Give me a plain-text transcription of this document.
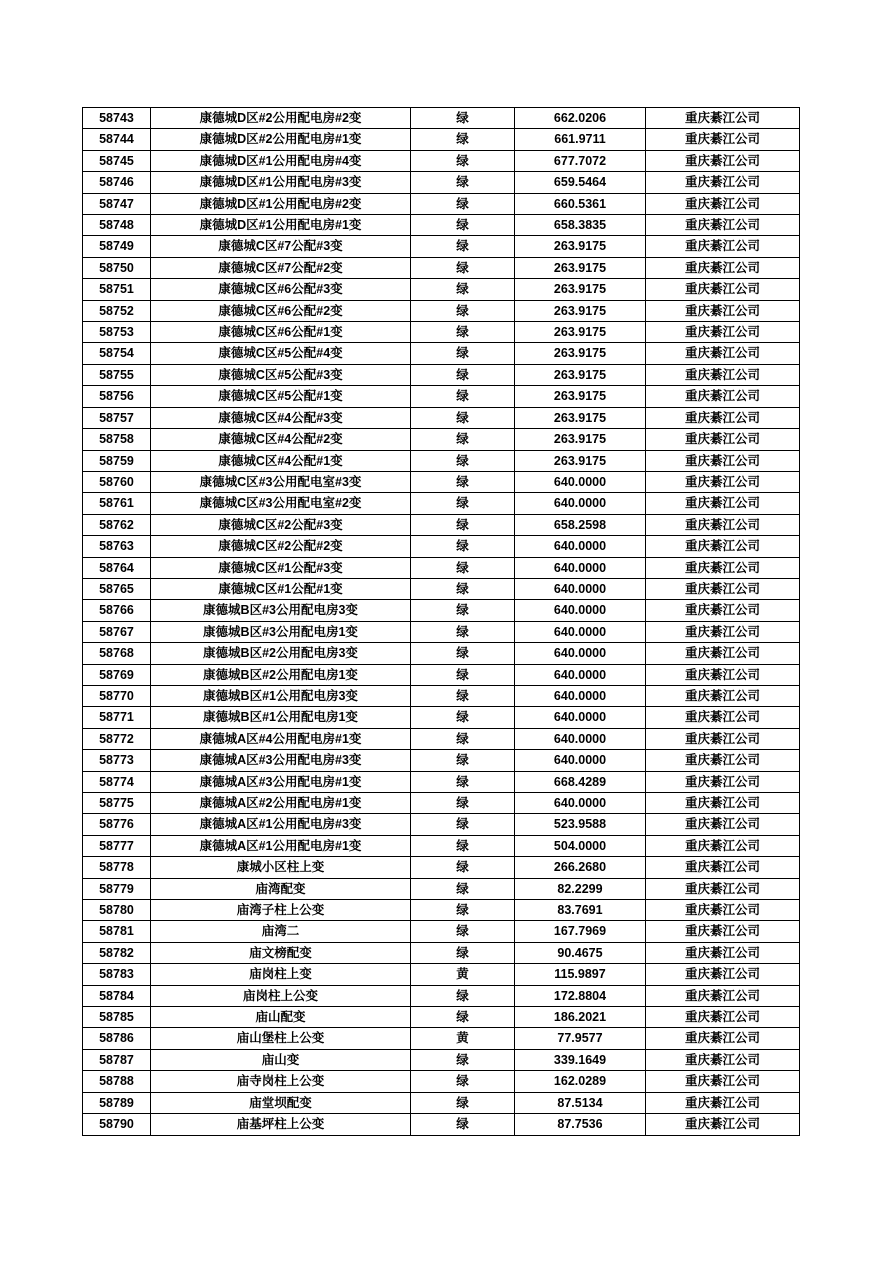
58743	康德城D区#2公用配电房#2变	绿	662.0206	重庆綦江公司
58744	康德城D区#2公用配电房#1变	绿	661.9711	重庆綦江公司
58745	康德城D区#1公用配电房#4变	绿	677.7072	重庆綦江公司
58746	康德城D区#1公用配电房#3变	绿	659.5464	重庆綦江公司
58747	康德城D区#1公用配电房#2变	绿	660.5361	重庆綦江公司
58748	康德城D区#1公用配电房#1变	绿	658.3835	重庆綦江公司
58749	康德城C区#7公配#3变	绿	263.9175	重庆綦江公司
58750	康德城C区#7公配#2变	绿	263.9175	重庆綦江公司
58751	康德城C区#6公配#3变	绿	263.9175	重庆綦江公司
58752	康德城C区#6公配#2变	绿	263.9175	重庆綦江公司
58753	康德城C区#6公配#1变	绿	263.9175	重庆綦江公司
58754	康德城C区#5公配#4变	绿	263.9175	重庆綦江公司
58755	康德城C区#5公配#3变	绿	263.9175	重庆綦江公司
58756	康德城C区#5公配#1变	绿	263.9175	重庆綦江公司
58757	康德城C区#4公配#3变	绿	263.9175	重庆綦江公司
58758	康德城C区#4公配#2变	绿	263.9175	重庆綦江公司
58759	康德城C区#4公配#1变	绿	263.9175	重庆綦江公司
58760	康德城C区#3公用配电室#3变	绿	640.0000	重庆綦江公司
58761	康德城C区#3公用配电室#2变	绿	640.0000	重庆綦江公司
58762	康德城C区#2公配#3变	绿	658.2598	重庆綦江公司
58763	康德城C区#2公配#2变	绿	640.0000	重庆綦江公司
58764	康德城C区#1公配#3变	绿	640.0000	重庆綦江公司
58765	康德城C区#1公配#1变	绿	640.0000	重庆綦江公司
58766	康德城B区#3公用配电房3变	绿	640.0000	重庆綦江公司
58767	康德城B区#3公用配电房1变	绿	640.0000	重庆綦江公司
58768	康德城B区#2公用配电房3变	绿	640.0000	重庆綦江公司
58769	康德城B区#2公用配电房1变	绿	640.0000	重庆綦江公司
58770	康德城B区#1公用配电房3变	绿	640.0000	重庆綦江公司
58771	康德城B区#1公用配电房1变	绿	640.0000	重庆綦江公司
58772	康德城A区#4公用配电房#1变	绿	640.0000	重庆綦江公司
58773	康德城A区#3公用配电房#3变	绿	640.0000	重庆綦江公司
58774	康德城A区#3公用配电房#1变	绿	668.4289	重庆綦江公司
58775	康德城A区#2公用配电房#1变	绿	640.0000	重庆綦江公司
58776	康德城A区#1公用配电房#3变	绿	523.9588	重庆綦江公司
58777	康德城A区#1公用配电房#1变	绿	504.0000	重庆綦江公司
58778	康城小区柱上变	绿	266.2680	重庆綦江公司
58779	庙湾配变	绿	82.2299	重庆綦江公司
58780	庙湾子柱上公变	绿	83.7691	重庆綦江公司
58781	庙湾二	绿	167.7969	重庆綦江公司
58782	庙文榜配变	绿	90.4675	重庆綦江公司
58783	庙岗柱上变	黄	115.9897	重庆綦江公司
58784	庙岗柱上公变	绿	172.8804	重庆綦江公司
58785	庙山配变	绿	186.2021	重庆綦江公司
58786	庙山堡柱上公变	黄	77.9577	重庆綦江公司
58787	庙山变	绿	339.1649	重庆綦江公司
58788	庙寺岗柱上公变	绿	162.0289	重庆綦江公司
58789	庙堂坝配变	绿	87.5134	重庆綦江公司
58790	庙基坪柱上公变	绿	87.7536	重庆綦江公司
